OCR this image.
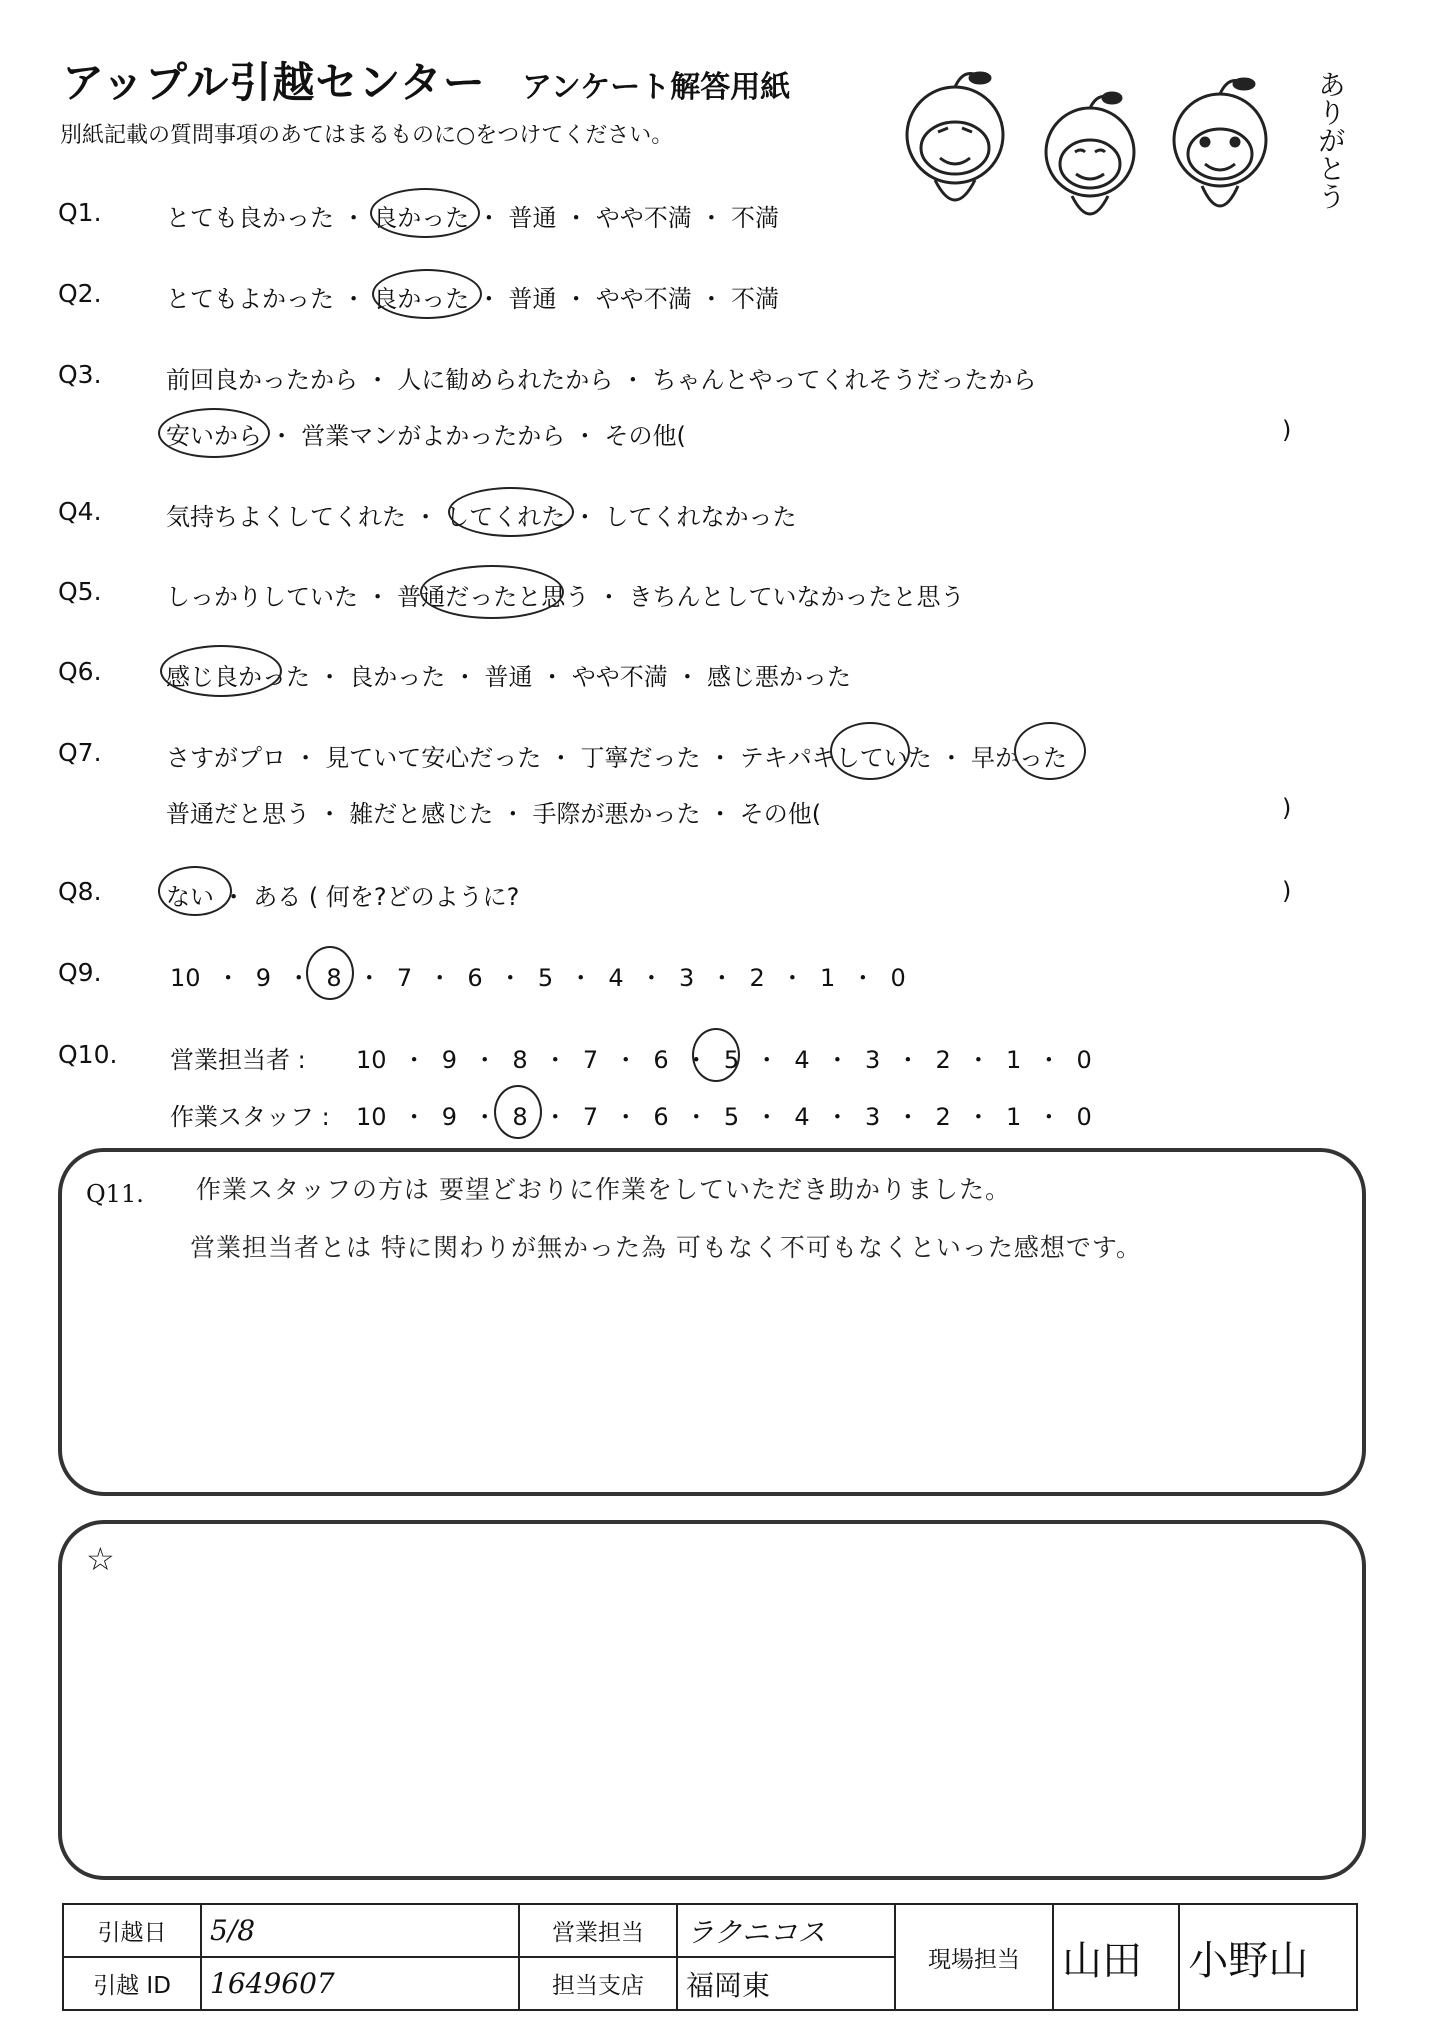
アップル引越センター アンケート解答用紙
別紙記載の質問事項のあてはまるものに○をつけてください。	ありがとう
Q1.	とても良かった ・ 良かった ・ 普通 ・ やや不満 ・ 不満
Q2.	とてもよかった ・ 良かった ・ 普通 ・ やや不満 ・ 不満
Q3.	前回良かったから ・ 人に勧められたから ・ ちゃんとやってくれそうだったから
安いから ・ 営業マンがよかったから ・ その他(	)
Q4.	気持ちよくしてくれた ・ してくれた ・ してくれなかった
Q5.	しっかりしていた ・ 普通だったと思う ・ きちんとしていなかったと思う
Q6.	感じ良かった ・ 良かった ・ 普通 ・ やや不満 ・ 感じ悪かった
Q7.	さすがプロ ・ 見ていて安心だった ・ 丁寧だった ・ テキパキしていた ・ 早かった
普通だと思う ・ 雑だと感じた ・ 手際が悪かった ・ その他(	)
Q8.	ない ・ ある ( 何を?どのように?	)
Q9.	10 ・ 9 ・ 8 ・ 7 ・ 6 ・ 5 ・ 4 ・ 3 ・ 2 ・ 1 ・ 0
Q10. 営業担当者 : 10 ・ 9 ・ 8 ・ 7 ・ 6 ・ 5 ・ 4 ・ 3 ・ 2 ・ 1 ・ 0
作業スタッフ : 10 ・ 9 ・ 8 ・ 7 ・ 6 ・ 5 ・ 4 ・ 3 ・ 2 ・ 1 ・ 0
Q11. 作業スタッフの方は 要望どおりに作業をしていただき助かりました。
営業担当者とは 特に関わりが無かった為 可もなく不可もなくといった感想です。
☆
引越日	5/8	営業担当	ラクニコス	現場担当	山田	小野山
引越 ID	1649607	担当支店	福岡東			
